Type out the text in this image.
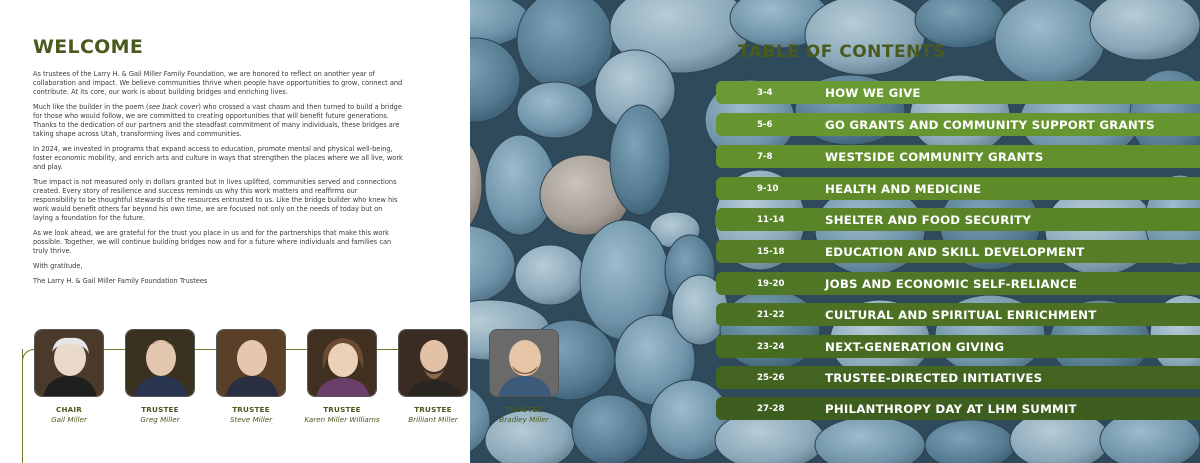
WELCOME

As trustees of the Larry H. & Gail Miller Family Foundation, we are honored to reflect on another year of collaboration and impact. We believe communities thrive when people have opportunities to grow, connect and contribute. At its core, our work is about building bridges and enriching lives.

Much like the builder in the poem (see back cover) who crossed a vast chasm and then turned to build a bridge for those who would follow, we are committed to creating opportunities that will benefit future generations. Thanks to the dedication of our partners and the steadfast commitment of many individuals, these bridges are taking shape across Utah, transforming lives and communities.

In 2024, we invested in programs that expand access to education, promote mental and physical well-being, foster economic mobility, and enrich arts and culture in ways that strengthen the places where we all live, work and play.

True impact is not measured only in dollars granted but in lives uplifted, communities served and connections created. Every story of resilience and success reminds us why this work matters and reaffirms our responsibility to be thoughtful stewards of the resources entrusted to us. Like the bridge builder who knew his work would benefit others far beyond his own time, we are focused not only on the needs of today but on laying a foundation for the future.

As we look ahead, we are grateful for the trust you place in us and for the partnerships that make this work possible. Together, we will continue building bridges now and for a future where individuals and families can truly thrive.

With gratitude,

The Larry H. & Gail Miller Family Foundation Trustees

CHAIR
Gail Miller
TRUSTEE
Greg Miller
TRUSTEE
Steve Miller
TRUSTEE
Karen Miller Williams
TRUSTEE
Brilliant Miller
TRUSTEE
Bradley Miller
TABLE OF CONTENTS
3-4	HOW WE GIVE
5-6	GO GRANTS AND COMMUNITY SUPPORT GRANTS
7-8	WESTSIDE COMMUNITY GRANTS
9-10	HEALTH AND MEDICINE
11-14	SHELTER AND FOOD SECURITY
15-18	EDUCATION AND SKILL DEVELOPMENT
19-20	JOBS AND ECONOMIC SELF-RELIANCE
21-22	CULTURAL AND SPIRITUAL ENRICHMENT
23-24	NEXT-GENERATION GIVING
25-26	TRUSTEE-DIRECTED INITIATIVES
27-28	PHILANTHROPY DAY AT LHM SUMMIT
